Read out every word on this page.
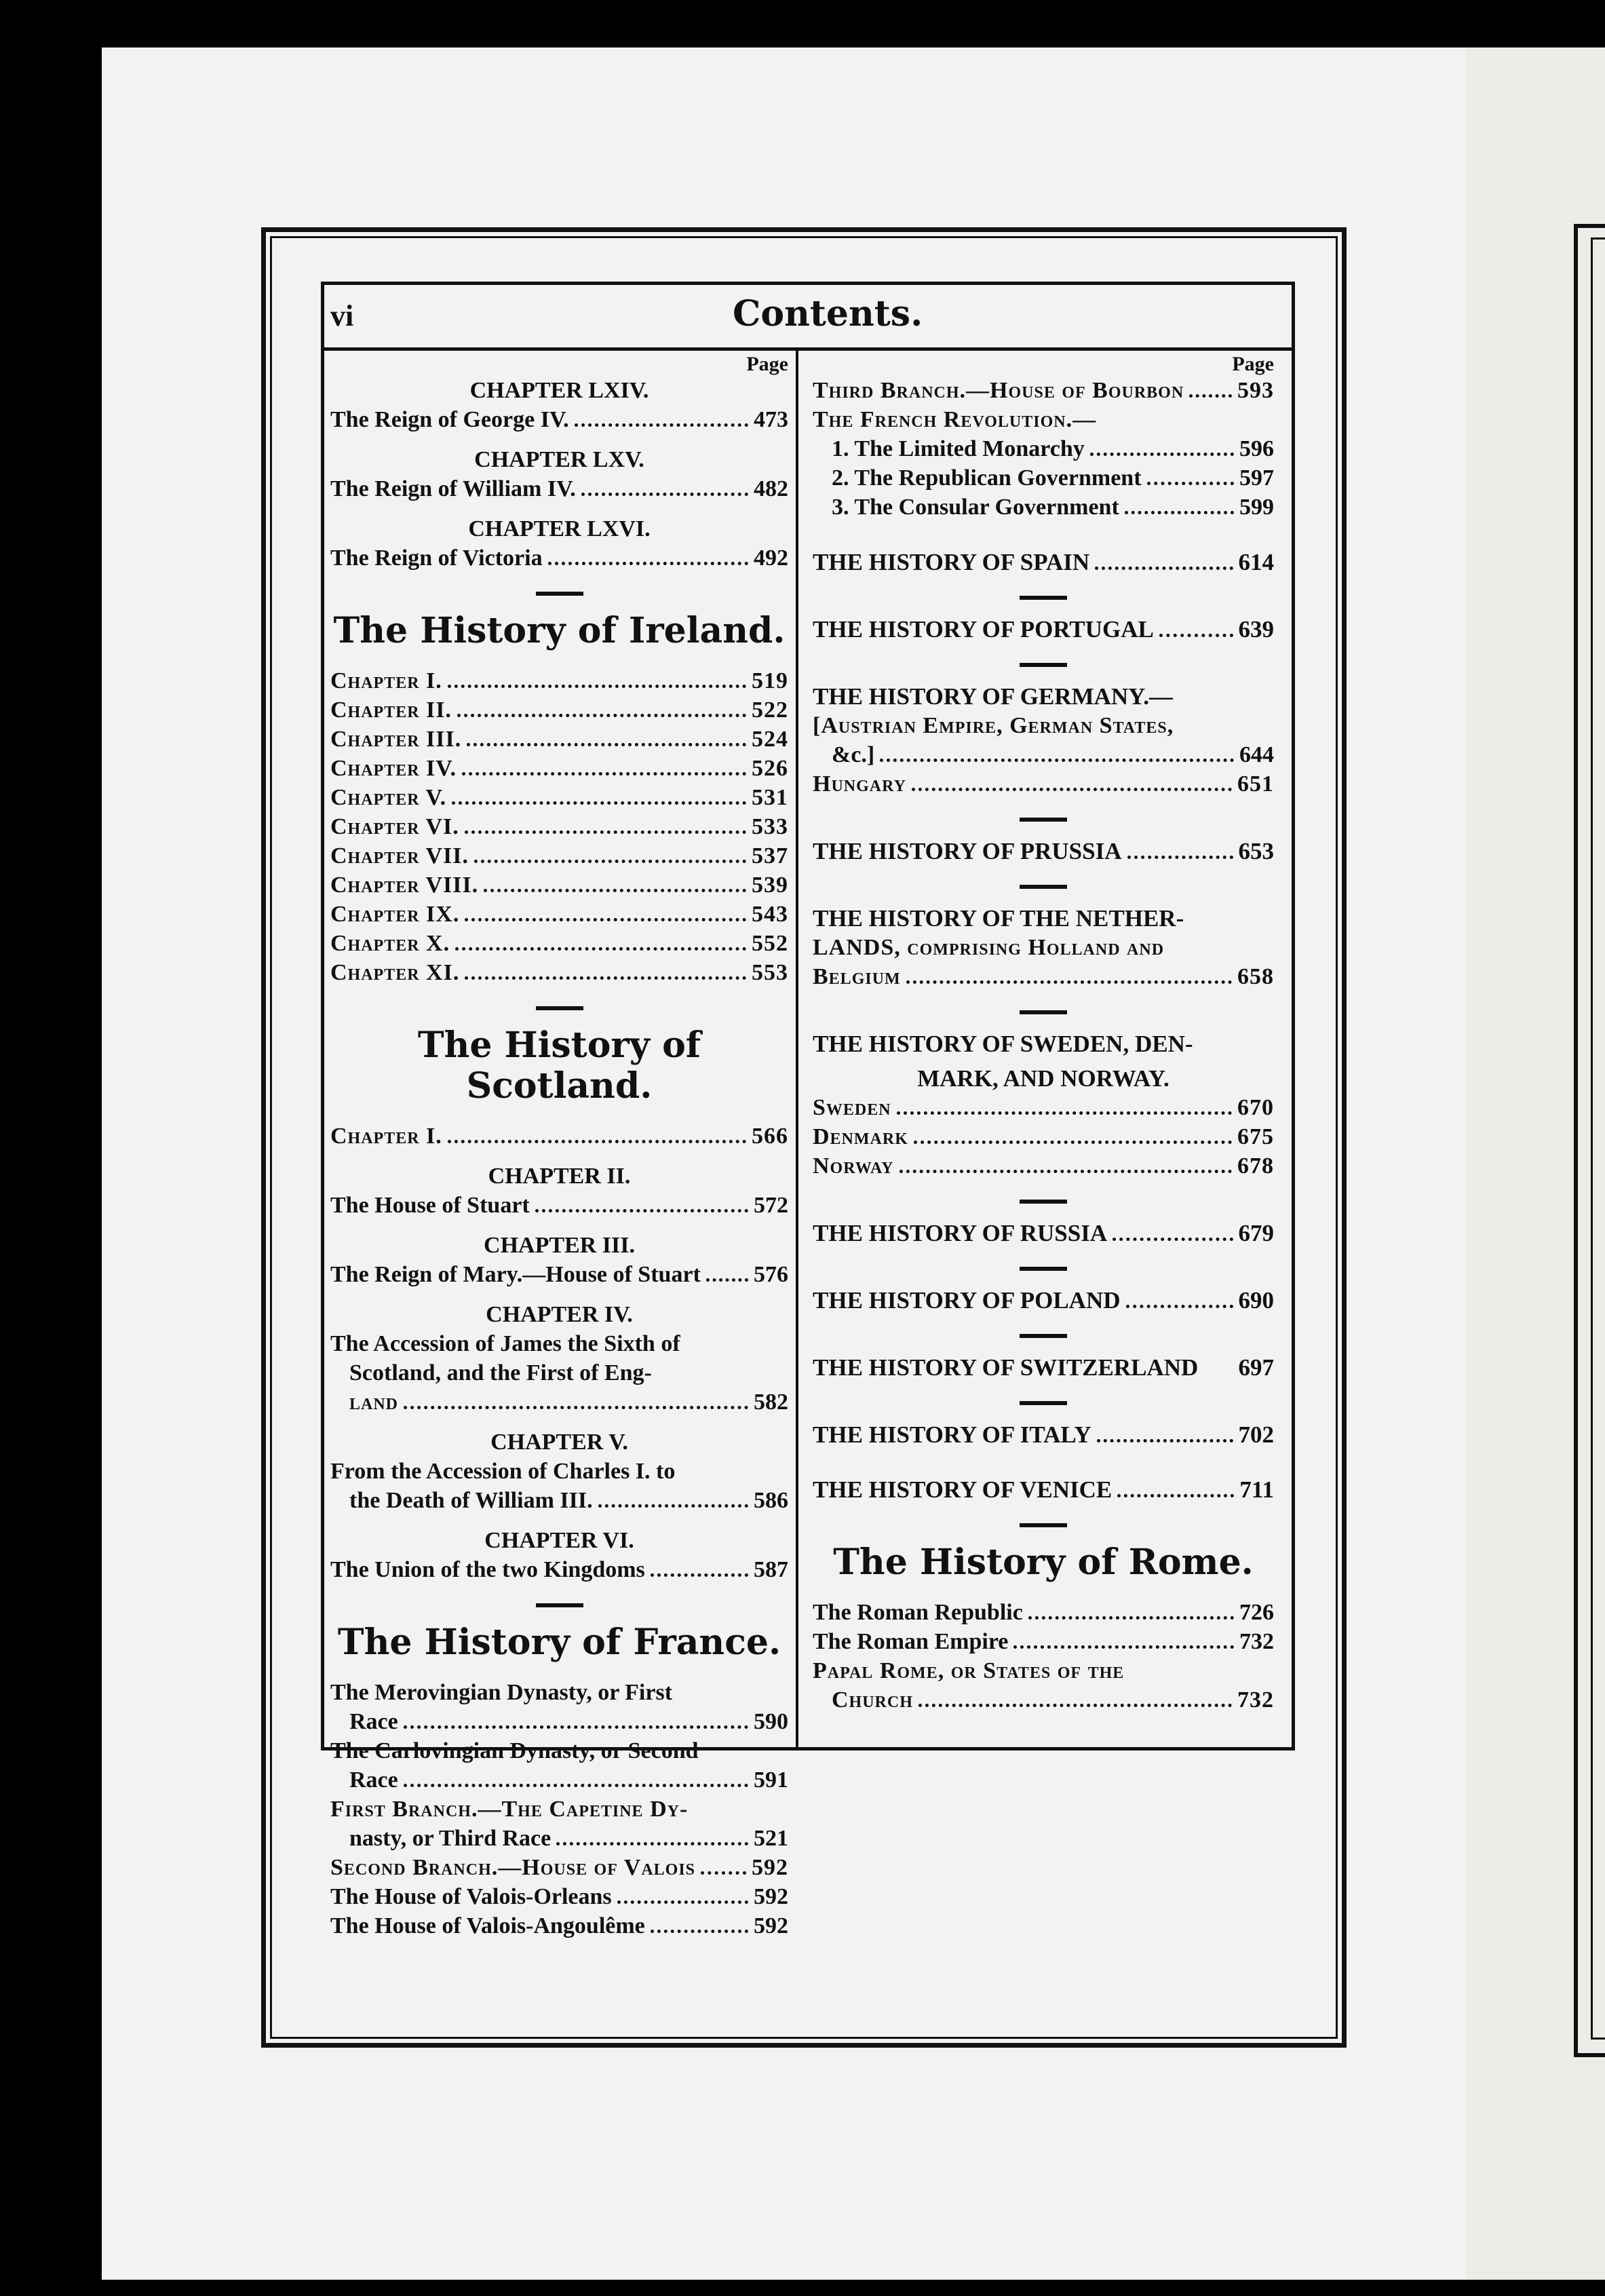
vi	Contents.
Page
CHAPTER LXIV.
The Reign of George IV.	473
CHAPTER LXV.
The Reign of William IV.	482
CHAPTER LXVI.
The Reign of Victoria	492
The History of Ireland.
Chapter I.	519
Chapter II.	522
Chapter III.	524
Chapter IV.	526
Chapter V.	531
Chapter VI.	533
Chapter VII.	537
Chapter VIII.	539
Chapter IX.	543
Chapter X.	552
Chapter XI.	553
The History of Scotland.
Chapter I.	566
CHAPTER II.
The House of Stuart	572
CHAPTER III.
The Reign of Mary.—House of Stuart 576
CHAPTER IV.
The Accession of James the Sixth of
Scotland, and the First of Eng-
land	582
CHAPTER V.
From the Accession of Charles I. to
the Death of William III.	586
CHAPTER VI.
The Union of the two Kingdoms	587
The History of France.
The Merovingian Dynasty, or First
Race	590
The Carlovingian Dynasty, or Second
Race	591
First Branch.—The Capetine Dy-
nasty, or Third Race	521
Second Branch.—House of Valois 592
The House of Valois-Orleans	592
The House of Valois-Angoulême	592
Page
Third Branch.—House of Bourbon 593
The French Revolution.—
1. The Limited Monarchy	596
2. The Republican Government	597
3. The Consular Government	599
THE HISTORY OF SPAIN	614
THE HISTORY OF PORTUGAL	639
THE HISTORY OF GERMANY.—
[Austrian Empire, German States,
&c.]	644
Hungary	651
THE HISTORY OF PRUSSIA	653
THE HISTORY OF THE NETHER-
LANDS, comprising Holland and
Belgium	658
THE HISTORY OF SWEDEN, DEN-
MARK, AND NORWAY.
Sweden	670
Denmark	675
Norway	678
THE HISTORY OF RUSSIA	679
THE HISTORY OF POLAND	690
THE HISTORY OF SWITZERLAND 697
THE HISTORY OF ITALY	702
THE HISTORY OF VENICE	711
The History of Rome.
The Roman Republic	726
The Roman Empire	732
Papal Rome, or States of the
Church	732
